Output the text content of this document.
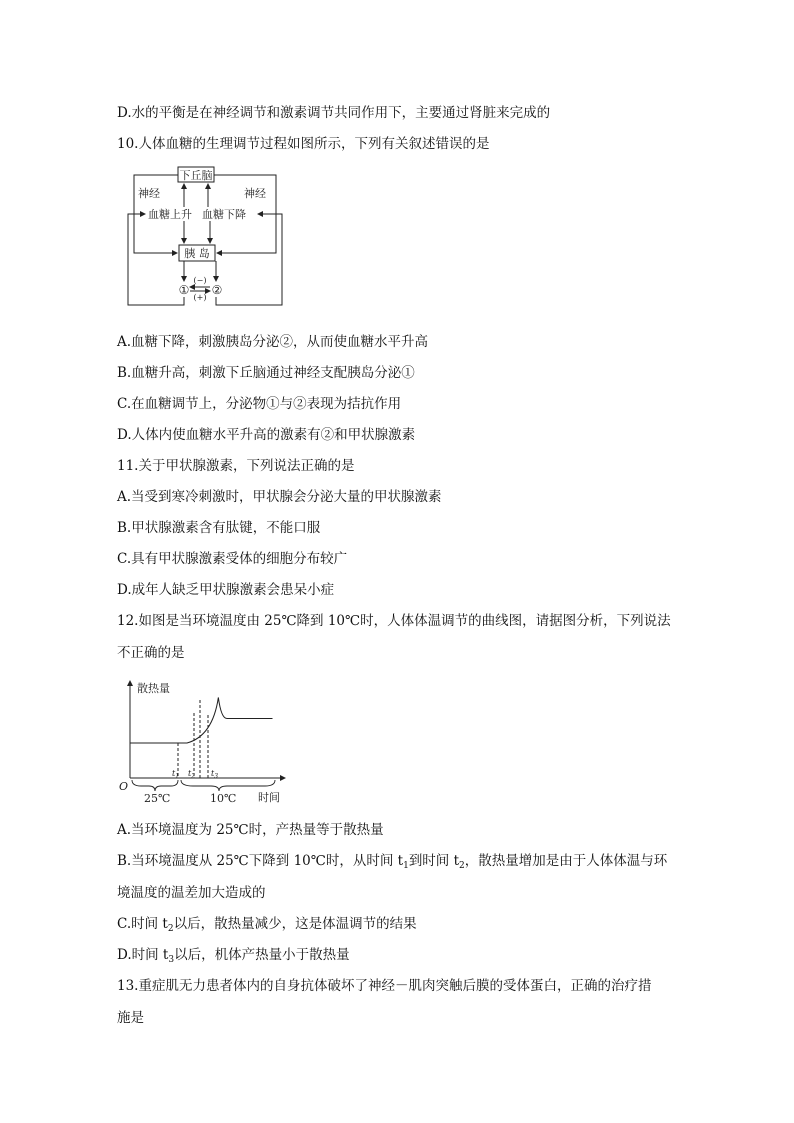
D.水的平衡是在神经调节和激素调节共同作用下，主要通过肾脏来完成的
10.人体血糖的生理调节过程如图所示，下列有关叙述错误的是
下丘脑
神经	神经
血糖上升 血糖下降
胰 岛
① ②
(−)
(+)
A.血糖下降，刺激胰岛分泌②，从而使血糖水平升高
B.血糖升高，刺激下丘脑通过神经支配胰岛分泌①
C.在血糖调节上，分泌物①与②表现为拮抗作用
D.人体内使血糖水平升高的激素有②和甲状腺激素
11.关于甲状腺激素，下列说法正确的是
A.当受到寒冷刺激时，甲状腺会分泌大量的甲状腺激素
B.甲状腺激素含有肽键，不能口服
C.具有甲状腺激素受体的细胞分布较广
D.成年人缺乏甲状腺激素会患呆小症
12.如图是当环境温度由 25℃降到 10℃时，人体体温调节的曲线图，请据图分析，下列说法
不正确的是
散热量
O
时间
$t_1$ $t_2$ $t_3$
25℃	10℃
A.当环境温度为 25℃时，产热量等于散热量
B.当环境温度从 25℃下降到 10℃时，从时间 $t_1$到时间 $t_2$，散热量增加是由于人体体温与环
境温度的温差加大造成的
C.时间 $t_2$以后，散热量减少，这是体温调节的结果
D.时间 $t_3$以后，机体产热量小于散热量
13.重症肌无力患者体内的自身抗体破坏了神经－肌肉突触后膜的受体蛋白，正确的治疗措
施是
